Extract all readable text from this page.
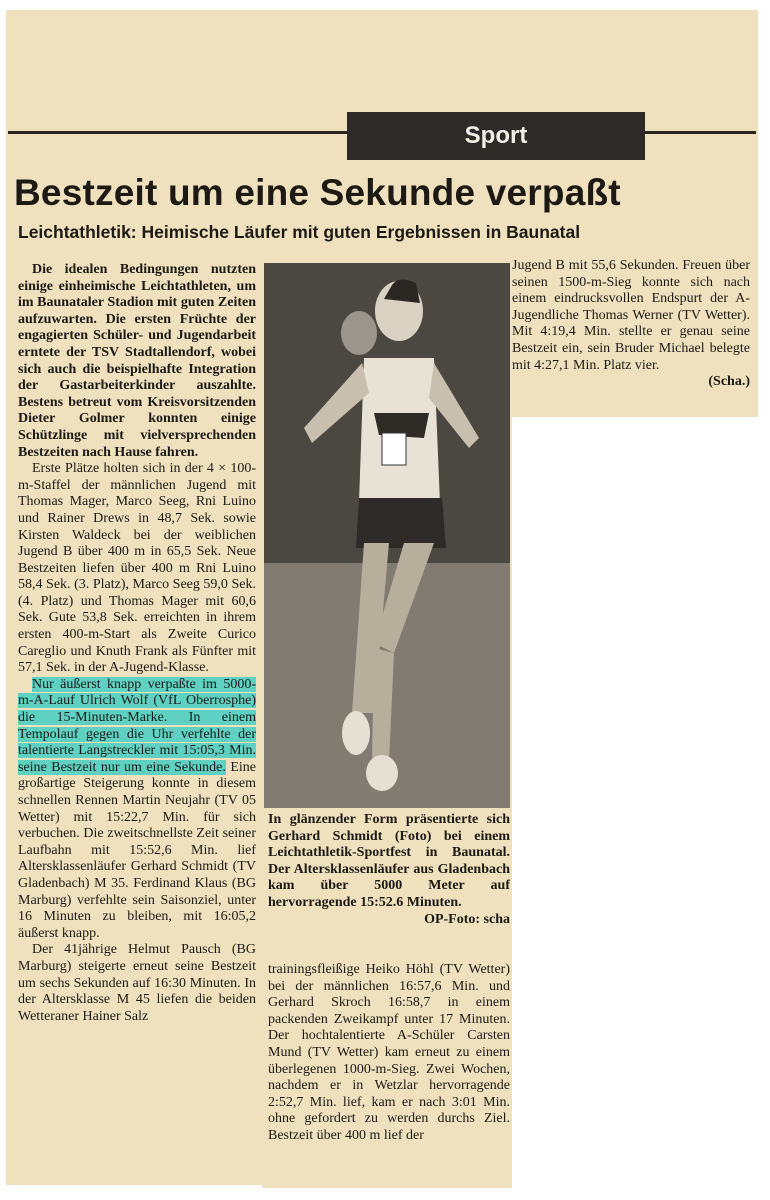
Sport
Bestzeit um eine Sekunde verpaßt
Leichtathletik: Heimische Läufer mit guten Ergebnissen in Baunatal

Die idealen Bedingungen nutzten einige einheimische Leichtathleten, um im Baunataler Stadion mit guten Zeiten aufzuwarten. Die ersten Früchte der engagierten Schüler- und Jugendarbeit erntete der TSV Stadtallendorf, wobei sich auch die beispielhafte Integration der Gastarbeiterkinder auszahlte. Bestens betreut vom Kreisvorsitzenden Dieter Golmer konnten einige Schützlinge mit vielversprechenden Bestzeiten nach Hause fahren.

Erste Plätze holten sich in der 4 × 100-m-Staffel der männlichen Jugend mit Thomas Mager, Marco Seeg, Rni Luino und Rainer Drews in 48,7 Sek. sowie Kirsten Waldeck bei der weiblichen Jugend B über 400 m in 65,5 Sek. Neue Bestzeiten liefen über 400 m Rni Luino 58,4 Sek. (3. Platz), Marco Seeg 59,0 Sek. (4. Platz) und Thomas Mager mit 60,6 Sek. Gute 53,8 Sek. erreichten in ihrem ersten 400-m-Start als Zweite Curico Careglio und Knuth Frank als Fünfter mit 57,1 Sek. in der A-Jugend-Klasse.

Nur äußerst knapp verpaßte im 5000-m-A-Lauf Ulrich Wolf (VfL Oberrosphe) die 15-Minuten-Marke. In einem Tempolauf gegen die Uhr verfehlte der talentierte Langstreckler mit 15:05,3 Min. seine Bestzeit nur um eine Sekunde. Eine großartige Steigerung konnte in diesem schnellen Rennen Martin Neujahr (TV 05 Wetter) mit 15:22,7 Min. für sich verbuchen. Die zweitschnellste Zeit seiner Laufbahn mit 15:52,6 Min. lief Altersklassenläufer Gerhard Schmidt (TV Gladenbach) M 35. Ferdinand Klaus (BG Marburg) verfehlte sein Saisonziel, unter 16 Minuten zu bleiben, mit 16:05,2 äußerst knapp.

Der 41jährige Helmut Pausch (BG Marburg) steigerte erneut seine Bestzeit um sechs Sekunden auf 16:30 Minuten. In der Altersklasse M 45 liefen die beiden Wetteraner Hainer Salz

In glänzender Form präsentierte sich Gerhard Schmidt (Foto) bei einem Leichtathletik-Sportfest in Baunatal. Der Altersklassenläufer aus Gladenbach kam über 5000 Meter auf hervorragende 15:52.6 Minuten.
OP-Foto: scha

trainingsfleißige Heiko Höhl (TV Wetter) bei der männlichen 16:57,6 Min. und Gerhard Skroch 16:58,7 in einem packenden Zweikampf unter 17 Minuten. Der hochtalentierte A-Schüler Carsten Mund (TV Wetter) kam erneut zu einem überlegenen 1000-m-Sieg. Zwei Wochen, nachdem er in Wetzlar hervorragende 2:52,7 Min. lief, kam er nach 3:01 Min. ohne gefordert zu werden durchs Ziel. Bestzeit über 400 m lief der

Jugend B mit 55,6 Sekunden. Freuen über seinen 1500-m-Sieg konnte sich nach einem eindrucksvollen Endspurt der A-Jugendliche Thomas Werner (TV Wetter). Mit 4:19,4 Min. stellte er genau seine Bestzeit ein, sein Bruder Michael belegte mit 4:27,1 Min. Platz vier.

(Scha.)
